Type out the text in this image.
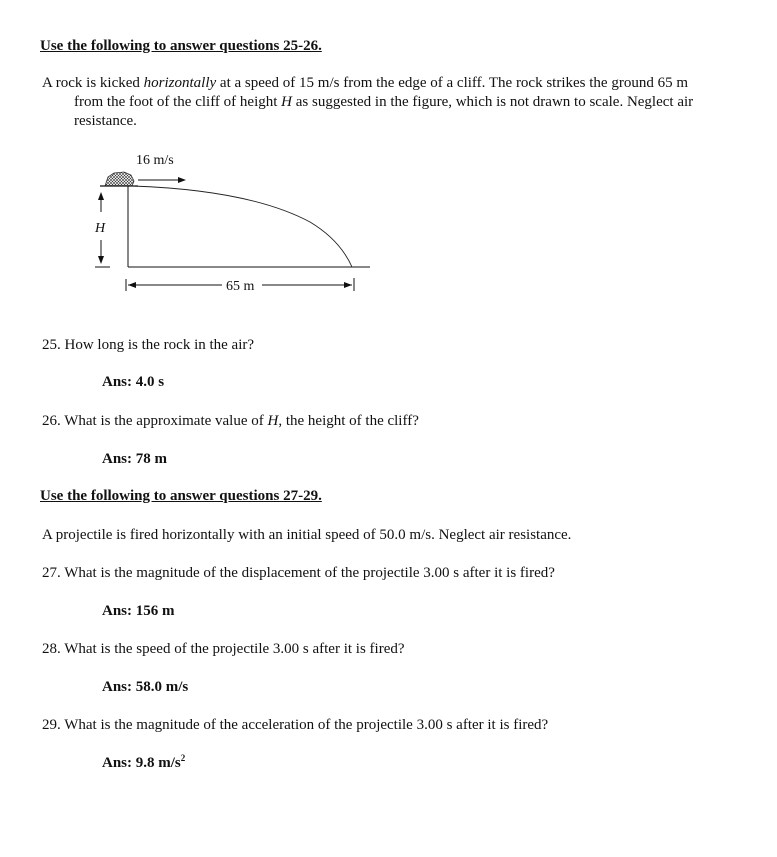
Use the following to answer questions 25-26.
A rock is kicked horizontally at a speed of 15 m/s from the edge of a cliff. The rock strikes the ground 65 m
from the foot of the cliff of height H as suggested in the figure, which is not drawn to scale. Neglect air
resistance.
16 m/s
H
65 m
25. How long is the rock in the air?
Ans: 4.0 s
26. What is the approximate value of H, the height of the cliff?
Ans: 78 m
Use the following to answer questions 27-29.
A projectile is fired horizontally with an initial speed of 50.0 m/s. Neglect air resistance.
27. What is the magnitude of the displacement of the projectile 3.00 s after it is fired?
Ans: 156 m
28. What is the speed of the projectile 3.00 s after it is fired?
Ans: 58.0 m/s
29. What is the magnitude of the acceleration of the projectile 3.00 s after it is fired?
Ans: 9.8 $m/s^2$
